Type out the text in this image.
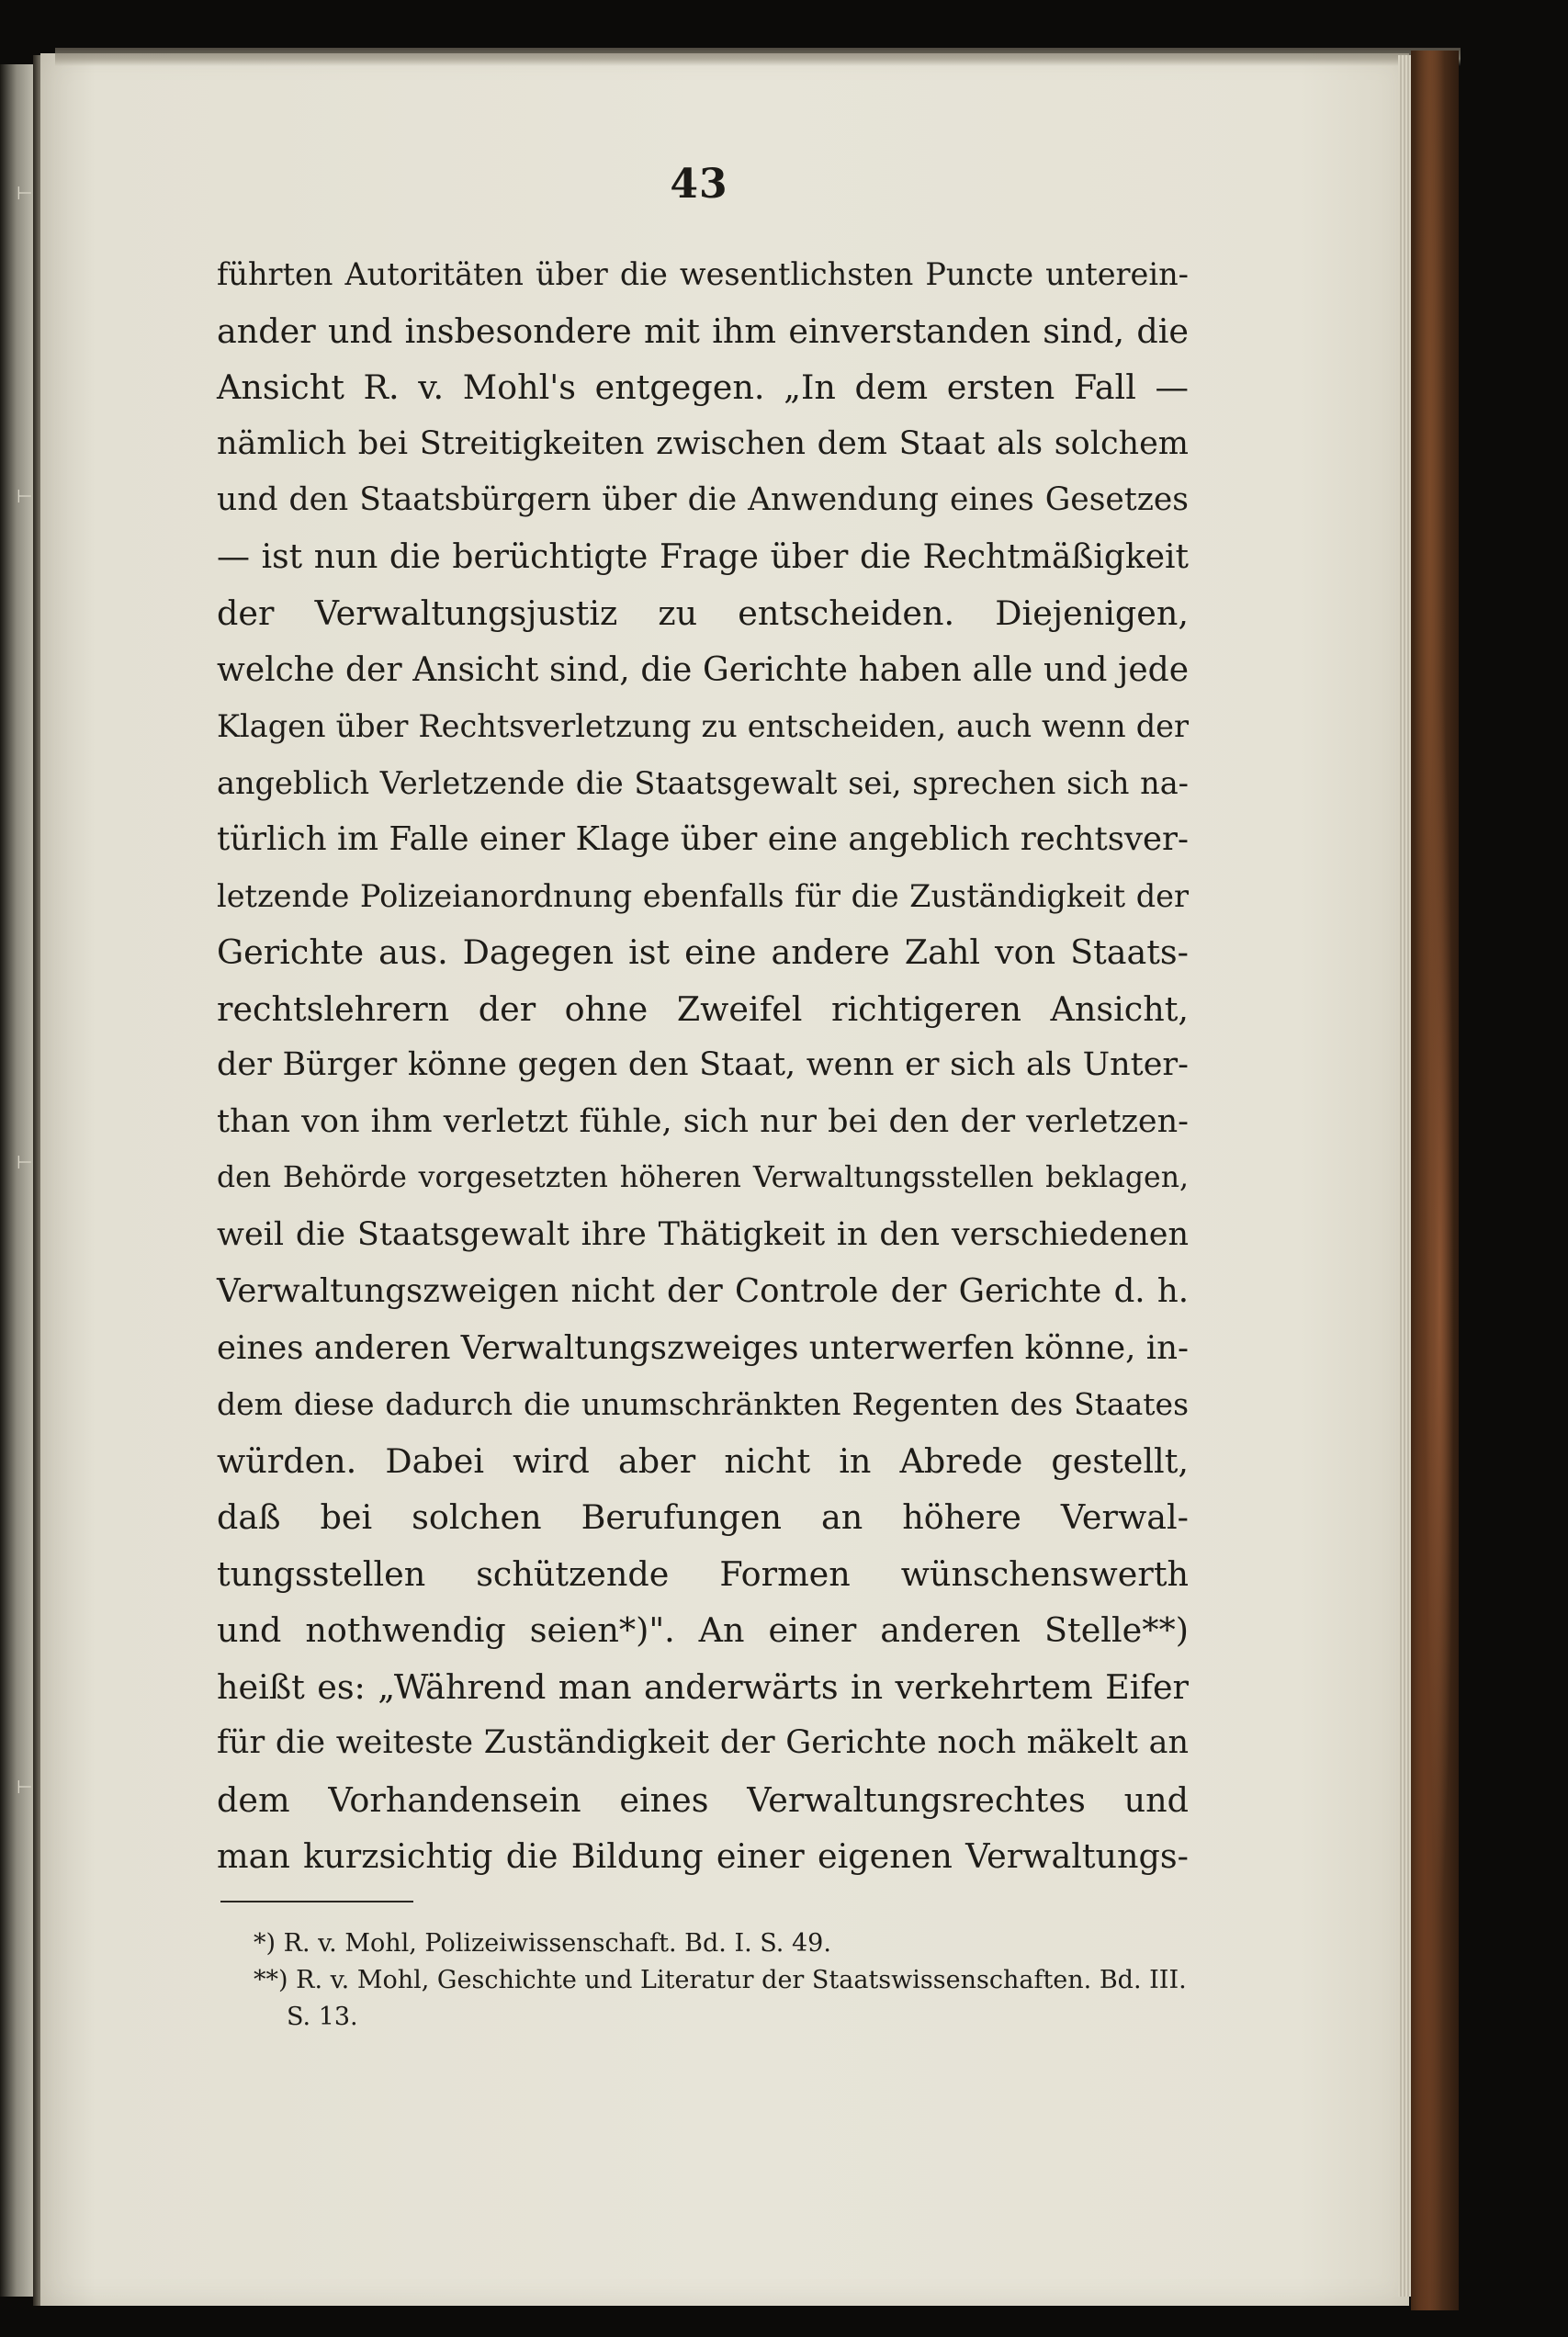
⊢
⊢
⊢
⊢
43
führten Autoritäten über die wesentlichsten Puncte unterein-
ander und insbesondere mit ihm einverstanden sind, die
Ansicht R. v. Mohl's entgegen. „In dem ersten Fall —
nämlich bei Streitigkeiten zwischen dem Staat als solchem
und den Staatsbürgern über die Anwendung eines Gesetzes
— ist nun die berüchtigte Frage über die Rechtmäßigkeit
der Verwaltungsjustiz zu entscheiden. Diejenigen,
welche der Ansicht sind, die Gerichte haben alle und jede
Klagen über Rechtsverletzung zu entscheiden, auch wenn der
angeblich Verletzende die Staatsgewalt sei, sprechen sich na-
türlich im Falle einer Klage über eine angeblich rechtsver-
letzende Polizeianordnung ebenfalls für die Zuständigkeit der
Gerichte aus. Dagegen ist eine andere Zahl von Staats-
rechtslehrern der ohne Zweifel richtigeren Ansicht,
der Bürger könne gegen den Staat, wenn er sich als Unter-
than von ihm verletzt fühle, sich nur bei den der verletzen-
den Behörde vorgesetzten höheren Verwaltungsstellen beklagen,
weil die Staatsgewalt ihre Thätigkeit in den verschiedenen
Verwaltungszweigen nicht der Controle der Gerichte d. h.
eines anderen Verwaltungszweiges unterwerfen könne, in-
dem diese dadurch die unumschränkten Regenten des Staates
würden. Dabei wird aber nicht in Abrede gestellt,
daß bei solchen Berufungen an höhere Verwal-
tungsstellen schützende Formen wünschenswerth
und nothwendig seien*)". An einer anderen Stelle**)
heißt es: „Während man anderwärts in verkehrtem Eifer
für die weiteste Zuständigkeit der Gerichte noch mäkelt an
dem Vorhandensein eines Verwaltungsrechtes und
man kurzsichtig die Bildung einer eigenen Verwaltungs-
*) R. v. Mohl, Polizeiwissenschaft. Bd. I. S. 49.
**) R. v. Mohl, Geschichte und Literatur der Staatswissenschaften. Bd. III.
S. 13.
